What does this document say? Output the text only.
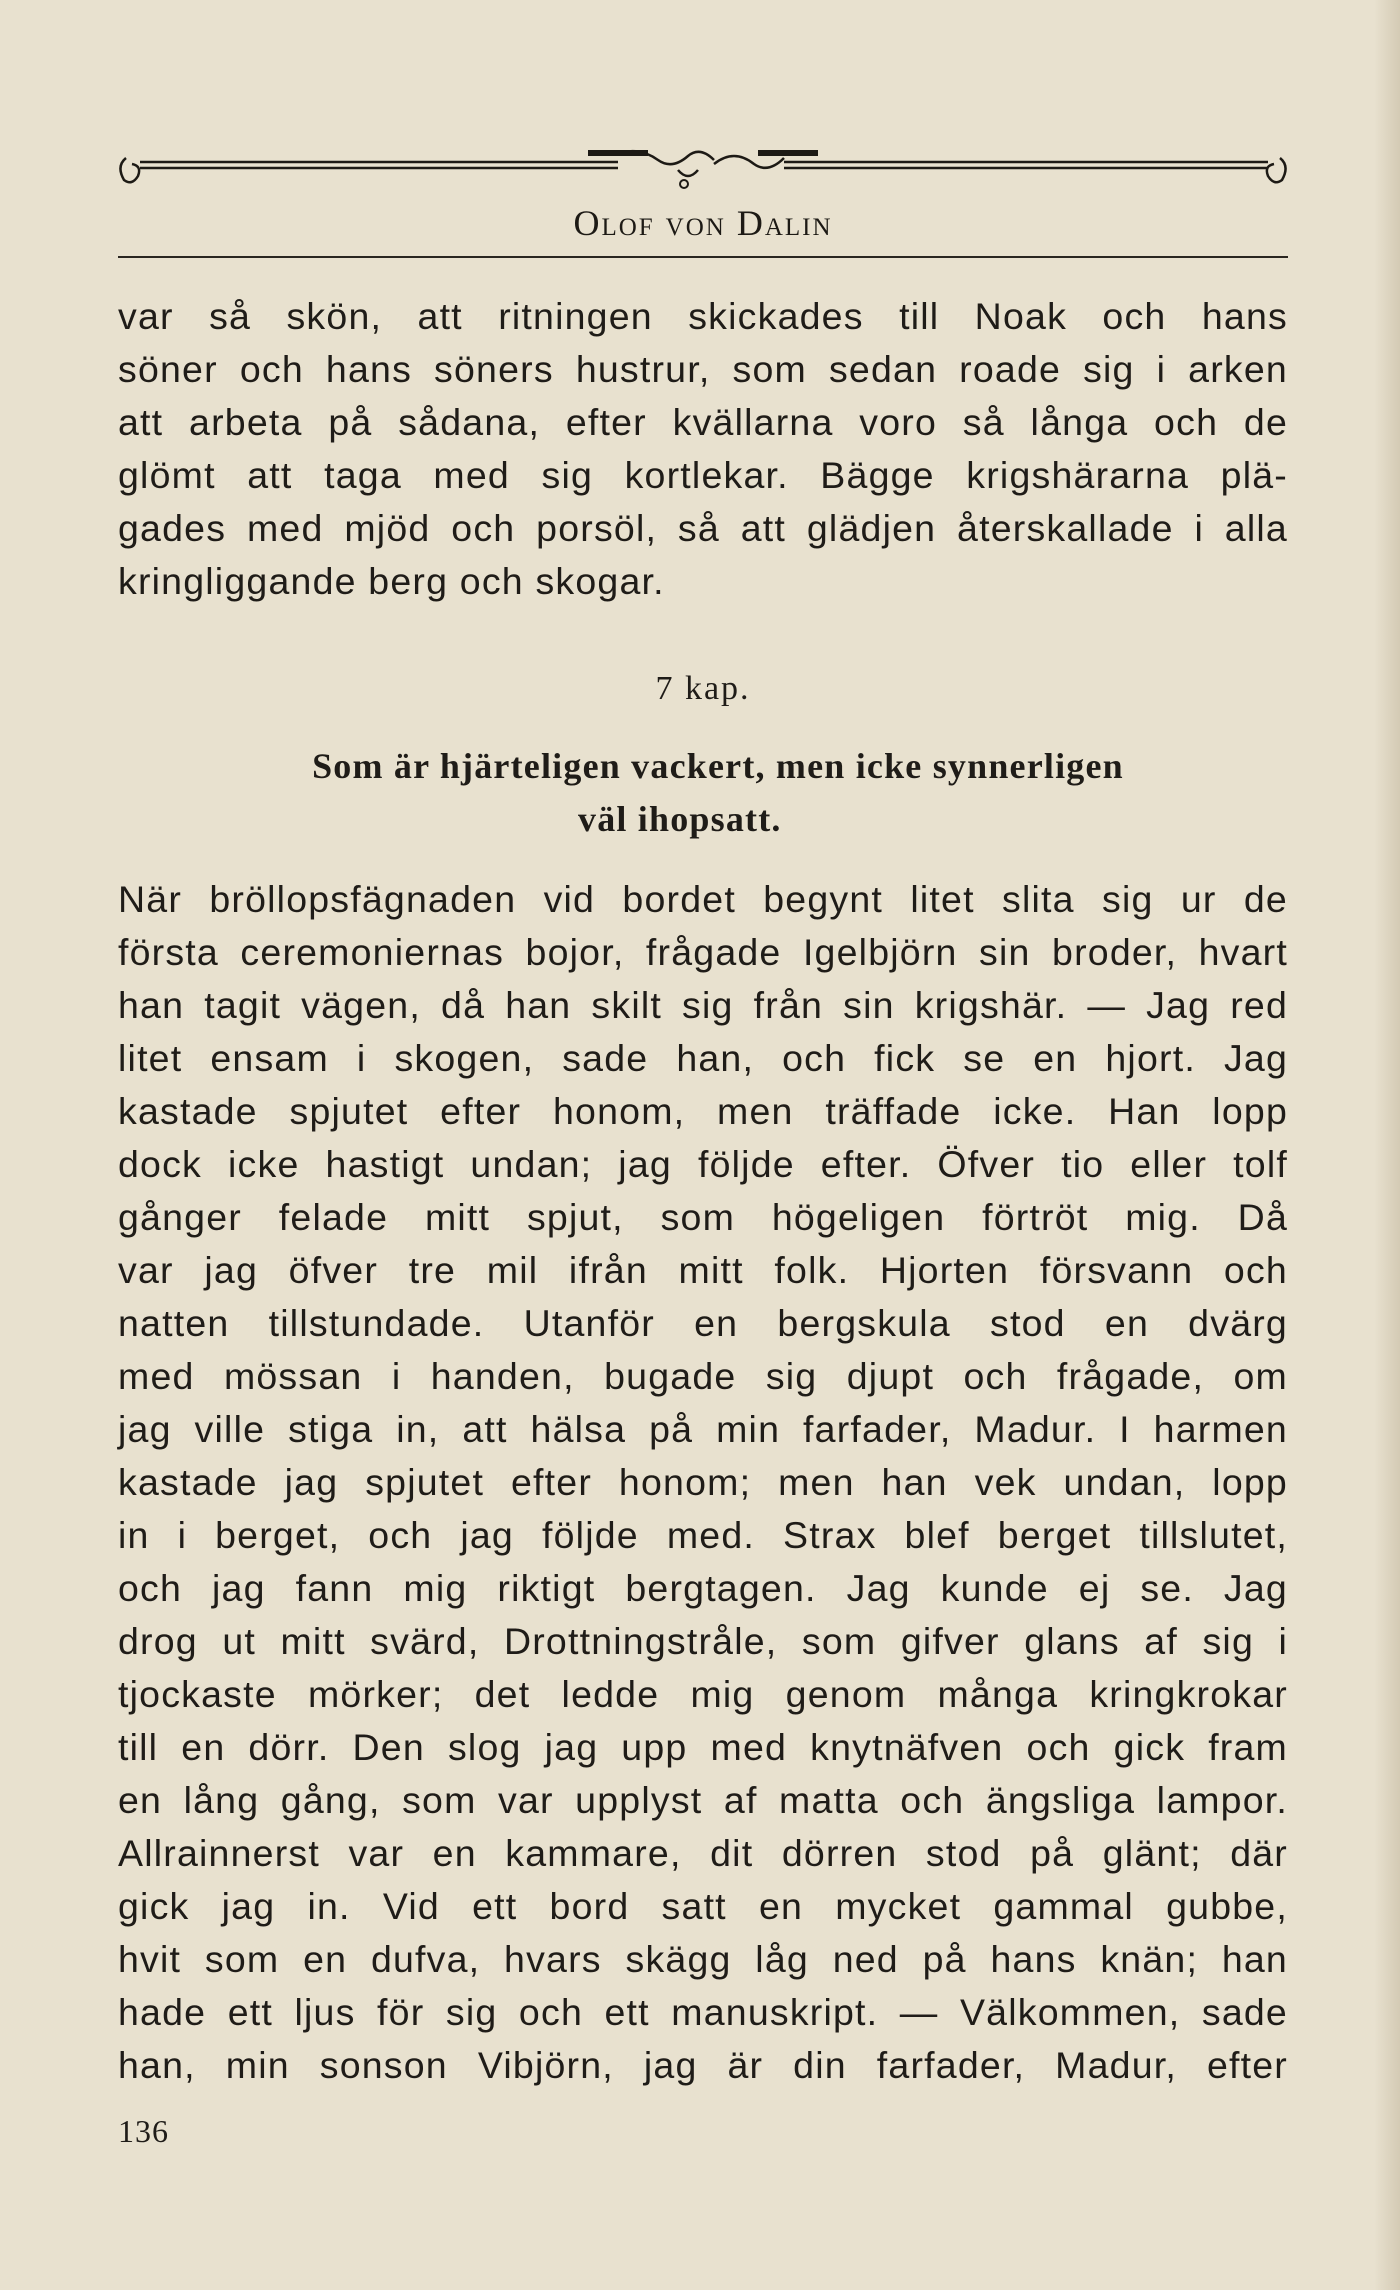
Olof von Dalin
var så skön, att ritningen skickades till Noak och hans
söner och hans söners hustrur, som sedan roade sig i arken
att arbeta på sådana, efter kvällarna voro så långa och de
glömt att taga med sig kortlekar. Bägge krigshärarna plä-
gades med mjöd och porsöl, så att glädjen återskallade i alla
kringliggande berg och skogar.
7 kap.
Som är hjärteligen vackert, men icke synnerligen
väl ihopsatt.
När bröllopsfägnaden vid bordet begynt litet slita sig ur de
första ceremoniernas bojor, frågade Igelbjörn sin broder, hvart
han tagit vägen, då han skilt sig från sin krigshär. — Jag red
litet ensam i skogen, sade han, och fick se en hjort. Jag
kastade spjutet efter honom, men träffade icke. Han lopp
dock icke hastigt undan; jag följde efter. Öfver tio eller tolf
gånger felade mitt spjut, som högeligen förtröt mig. Då
var jag öfver tre mil ifrån mitt folk. Hjorten försvann och
natten tillstundade. Utanför en bergskula stod en dvärg
med mössan i handen, bugade sig djupt och frågade, om
jag ville stiga in, att hälsa på min farfader, Madur. I harmen
kastade jag spjutet efter honom; men han vek undan, lopp
in i berget, och jag följde med. Strax blef berget tillslutet,
och jag fann mig riktigt bergtagen. Jag kunde ej se. Jag
drog ut mitt svärd, Drottningstråle, som gifver glans af sig i
tjockaste mörker; det ledde mig genom många kringkrokar
till en dörr. Den slog jag upp med knytnäfven och gick fram
en lång gång, som var upplyst af matta och ängsliga lampor.
Allrainnerst var en kammare, dit dörren stod på glänt; där
gick jag in. Vid ett bord satt en mycket gammal gubbe,
hvit som en dufva, hvars skägg låg ned på hans knän; han
hade ett ljus för sig och ett manuskript. — Välkommen, sade
han, min sonson Vibjörn, jag är din farfader, Madur, efter
136
